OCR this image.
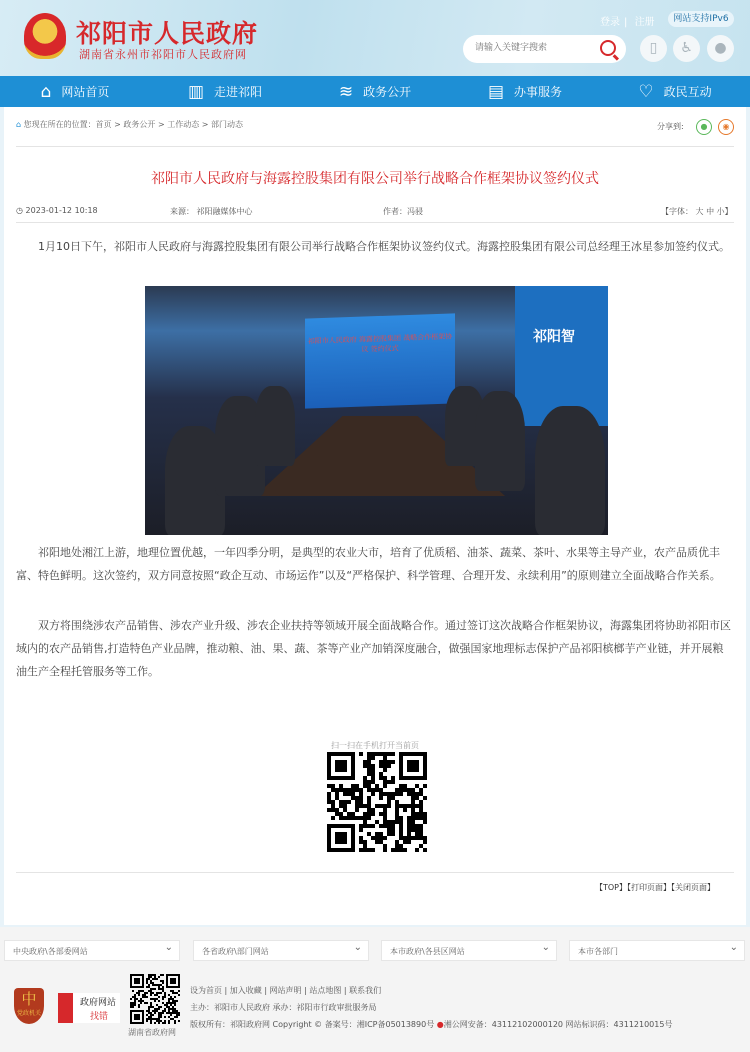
祁阳市人民政府
湖南省永州市祁阳市人民政府网
登录 | 注册	网站支持IPv6
请输入关键字搜索
▯	♿	●
⌂ 网站首页	▥ 走进祁阳	≋ 政务公开	▤ 办事服务	♡ 政民互动
⌂ 您现在所在的位置：首页 > 政务公开 > 工作动态 > 部门动态	分享到:	●	◉
祁阳市人民政府与海露控股集团有限公司举行战略合作框架协议签约仪式
◷ 2023-01-12 10:18	来源： 祁阳融媒体中心	作者：冯骎	【字体： 大 中 小】
1月10日下午，祁阳市人民政府与海露控股集团有限公司举行战略合作框架协议签约仪式。海露控股集团有限公司总经理王冰星参加签约仪式。
祁阳市人民政府 海露控股集团 战略合作框架协议 签约仪式
祁阳智
祁阳地处湘江上游，地理位置优越，一年四季分明，是典型的农业大市，培育了优质稻、油茶、蔬菜、茶叶、水果等主导产业，农产品质优丰富、特色鲜明。这次签约，双方同意按照“政企互动、市场运作”以及“严格保护、科学管理、合理开发、永续利用”的原则建立全面战略合作关系。
双方将围绕涉农产品销售、涉农产业升级、涉农企业扶持等领域开展全面战略合作。通过签订这次战略合作框架协议，海露集团将协助祁阳市区域内的农产品销售,打造特色产业品牌，推动粮、油、果、蔬、茶等产业产加销深度融合，做强国家地理标志保护产品祁阳槟榔芋产业链，并开展粮油生产全程托管服务等工作。
扫一扫在手机打开当前页
【TOP】【打印页面】【关闭页面】
中央政府\各部委网站 ⌄	各省政府\部门网站 ⌄	本市政府\各县区网站 ⌄	本市各部门 ⌄
中
党政机关
政府网站
找错
湖南省政府网
设为首页 | 加入收藏 | 网站声明 | 站点地图 | 联系我们
主办：祁阳市人民政府 承办：祁阳市行政审批服务局
版权所有：祁阳政府网 Copyright © 备案号：湘ICP备05013890号 ●湘公网安备：43112102000120 网站标识码：4311210015号
